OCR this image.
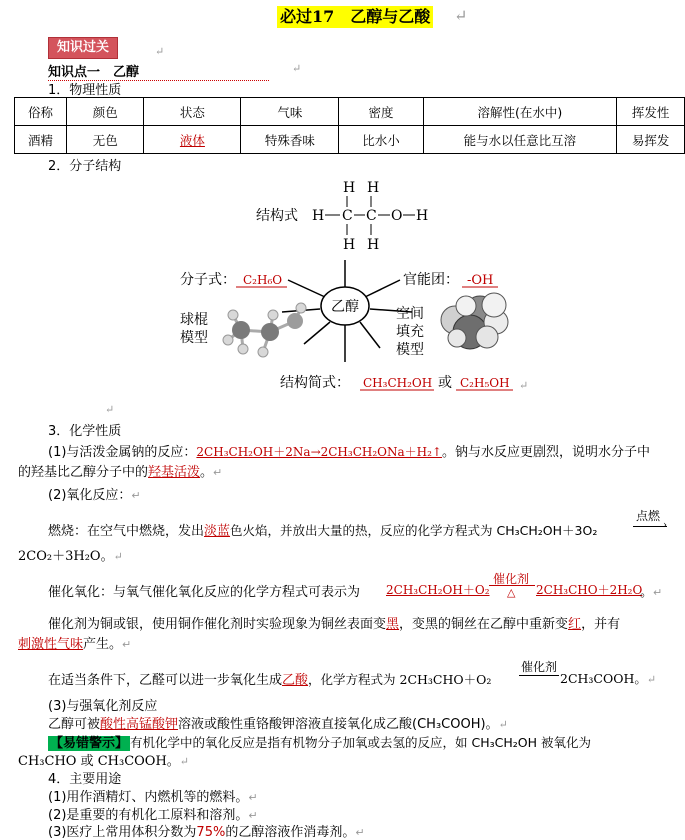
必过17　乙醇与乙酸 ↵
知识过关	↵
知识点一　乙醇	↵
1．物理性质
俗称	颜色	状态	气味	密度	溶解性(在水中)	挥发性
酒精	无色	液体	特殊香味	比水小	能与水以任意比互溶	易挥发
2．分子结构
H H
H C C O H
H H
结构式
乙醇
分子式： C₂H₆O	官能团： -OH
球棍
模型
空间
填充
模型
结构简式： CH₃CH₂OH 或 C₂H₅OH ↵
↵
3．化学性质
(1)与活泼金属钠的反应：2CH₃CH₂OH＋2Na→2CH₃CH₂ONa＋H₂↑。钠与水反应更剧烈，说明水分子中
的羟基比乙醇分子中的羟基活泼。↵
(2)氧化反应：↵
燃烧：在空气中燃烧，发出淡蓝色火焰，并放出大量的热，反应的化学方程式为 CH₃CH₂OH＋3O₂
点燃
›
2CO₂＋3H₂O。↵
催化氧化：与氧气催化氧化反应的化学方程式可表示为 2CH₃CH₂OH＋O₂
催化剂
△ 2CH₃CHO＋2H₂O
。↵
催化剂为铜或银，使用铜作催化剂时实验现象为铜丝表面变黑，变黑的铜丝在乙醇中重新变红，并有
刺激性气味产生。↵
在适当条件下，乙醛可以进一步氧化生成乙酸，化学方程式为 2CH₃CHO＋O₂
催化剂
2CH₃COOH。↵
(3)与强氧化剂反应
乙醇可被酸性高锰酸钾溶液或酸性重铬酸钾溶液直接氧化成乙酸(CH₃COOH)。↵
【易错警示】 有机化学中的氧化反应是指有机物分子加氧或去氢的反应，如 CH₃CH₂OH 被氧化为
CH₃CHO 或 CH₃COOH。↵
4．主要用途
(1)用作酒精灯、内燃机等的燃料。↵
(2)是重要的有机化工原料和溶剂。↵
(3)医疗上常用体积分数为75%的乙醇溶液作消毒剂。↵
